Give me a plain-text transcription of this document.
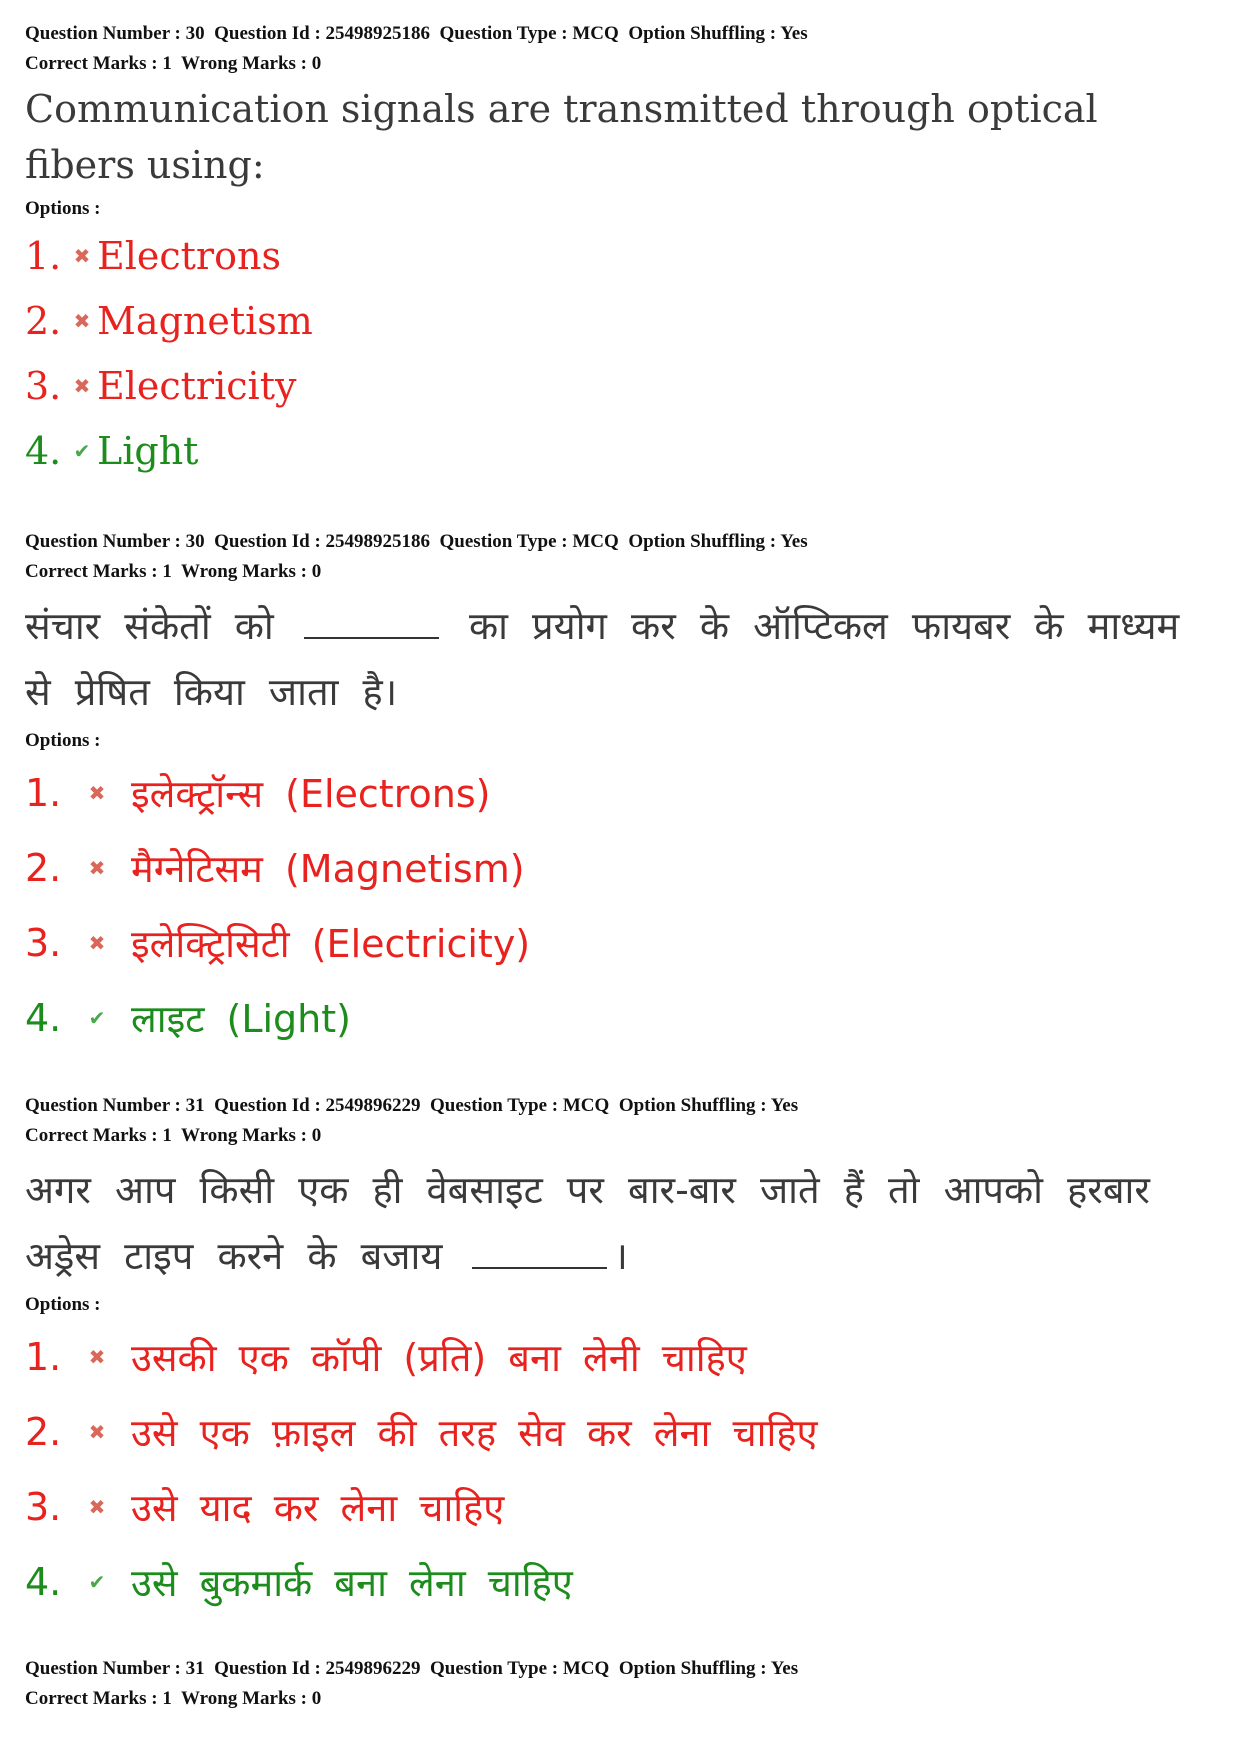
Question Number : 30 Question Id : 25498925186 Question Type : MCQ Option Shuffling : Yes
Correct Marks : 1 Wrong Marks : 0
Communication signals are transmitted through optical fibers using:
Options :
1. ✖ Electrons
2. ✖ Magnetism
3. ✖ Electricity
4. ✔ Light
Question Number : 30 Question Id : 25498925186 Question Type : MCQ Option Shuffling : Yes
Correct Marks : 1 Wrong Marks : 0
संचार संकेतों को	का प्रयोग कर के ऑप्टिकल फायबर के माध्यम से प्रेषित किया जाता है।
Options :
1.	✖ इलेक्ट्रॉन्स (Electrons)
2.	✖ मैग्नेटिसम (Magnetism)
3.	✖ इलेक्ट्रिसिटी (Electricity)
4.	✔ लाइट (Light)
Question Number : 31 Question Id : 2549896229 Question Type : MCQ Option Shuffling : Yes
Correct Marks : 1 Wrong Marks : 0
अगर आप किसी एक ही वेबसाइट पर बार-बार जाते हैं तो आपको हरबार अड्रेस टाइप करने के बजाय	।
Options :
1.	✖ उसकी एक कॉपी (प्रति) बना लेनी चाहिए
2.	✖ उसे एक फ़ाइल की तरह सेव कर लेना चाहिए
3.	✖ उसे याद कर लेना चाहिए
4.	✔ उसे बुकमार्क बना लेना चाहिए
Question Number : 31 Question Id : 2549896229 Question Type : MCQ Option Shuffling : Yes
Correct Marks : 1 Wrong Marks : 0
